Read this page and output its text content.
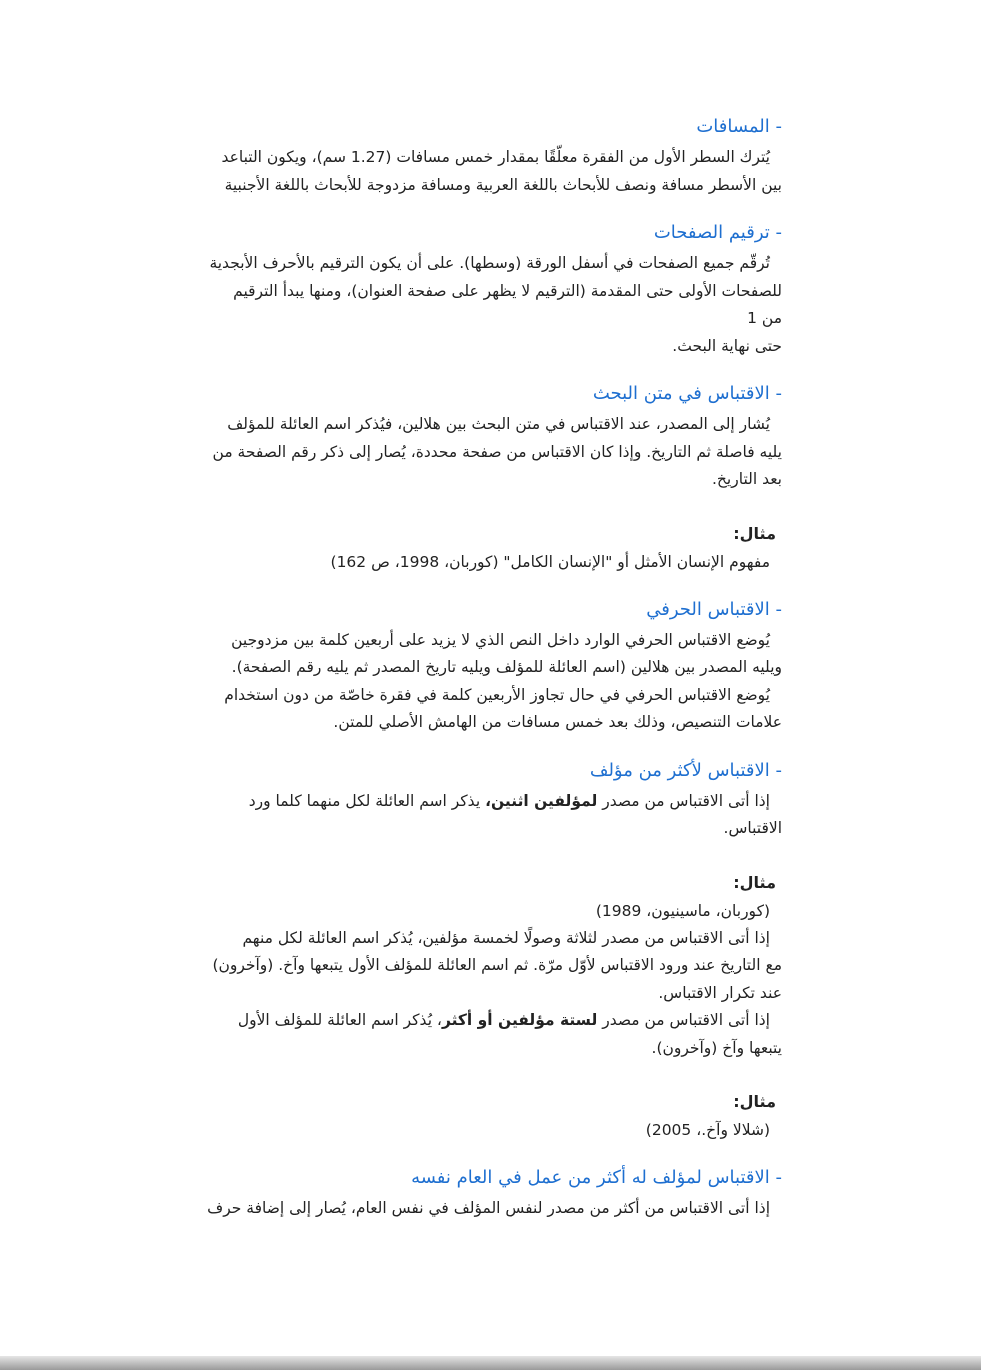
- المسافات

يُترك السطر الأول من الفقرة معلّقًا بمقدار خمس مسافات (1.27 سم)، ويكون التباعد

بين الأسطر مسافة ونصف للأبحاث باللغة العربية ومسافة مزدوجة للأبحاث باللغة الأجنبية

- ترقيم الصفحات

تُرقّم جميع الصفحات في أسفل الورقة (وسطها). على أن يكون الترقيم بالأحرف الأبجدية

للصفحات الأولى حتى المقدمة (الترقيم لا يظهر على صفحة العنوان)، ومنها يبدأ الترقيم

من 1

حتى نهاية البحث.

- الاقتباس في متن البحث

يُشار إلى المصدر، عند الاقتباس في متن البحث بين هلالين، فيُذكر اسم العائلة للمؤلف

يليه فاصلة ثم التاريخ. وإذا كان الاقتباس من صفحة محددة، يُصار إلى ذكر رقم الصفحة من

بعد التاريخ.

مثال:
مفهوم الإنسان الأمثل أو "الإنسان الكامل" (كوربان، 1998، ص 162)
- الاقتباس الحرفي

يُوضع الاقتباس الحرفي الوارد داخل النص الذي لا يزيد على أربعين كلمة بين مزدوجين

ويليه المصدر بين هلالين (اسم العائلة للمؤلف ويليه تاريخ المصدر ثم يليه رقم الصفحة).

يُوضع الاقتباس الحرفي في حال تجاوز الأربعين كلمة في فقرة خاصّة من دون استخدام

علامات التنصيص، وذلك بعد خمس مسافات من الهامش الأصلي للمتن.

- الاقتباس لأكثر من مؤلف

إذا أتى الاقتباس من مصدر لمؤلفين اثنين، يذكر اسم العائلة لكل منهما كلما ورد

الاقتباس.

مثال:
(كوربان، ماسينيون، 1989)

إذا أتى الاقتباس من مصدر لثلاثة وصولًا لخمسة مؤلفين، يُذكر اسم العائلة لكل منهم

مع التاريخ عند ورود الاقتباس لأوّل مرّة. ثم اسم العائلة للمؤلف الأول يتبعها وآخ. (وآخرون)

عند تكرار الاقتباس.

إذا أتى الاقتباس من مصدر لستة مؤلفين أو أكثر، يُذكر اسم العائلة للمؤلف الأول

يتبعها وآخ (وآخرون).

مثال:
(شلالا وآخ.، 2005)
- الاقتباس لمؤلف له أكثر من عمل في العام نفسه

إذا أتى الاقتباس من أكثر من مصدر لنفس المؤلف في نفس العام، يُصار إلى إضافة حرف
